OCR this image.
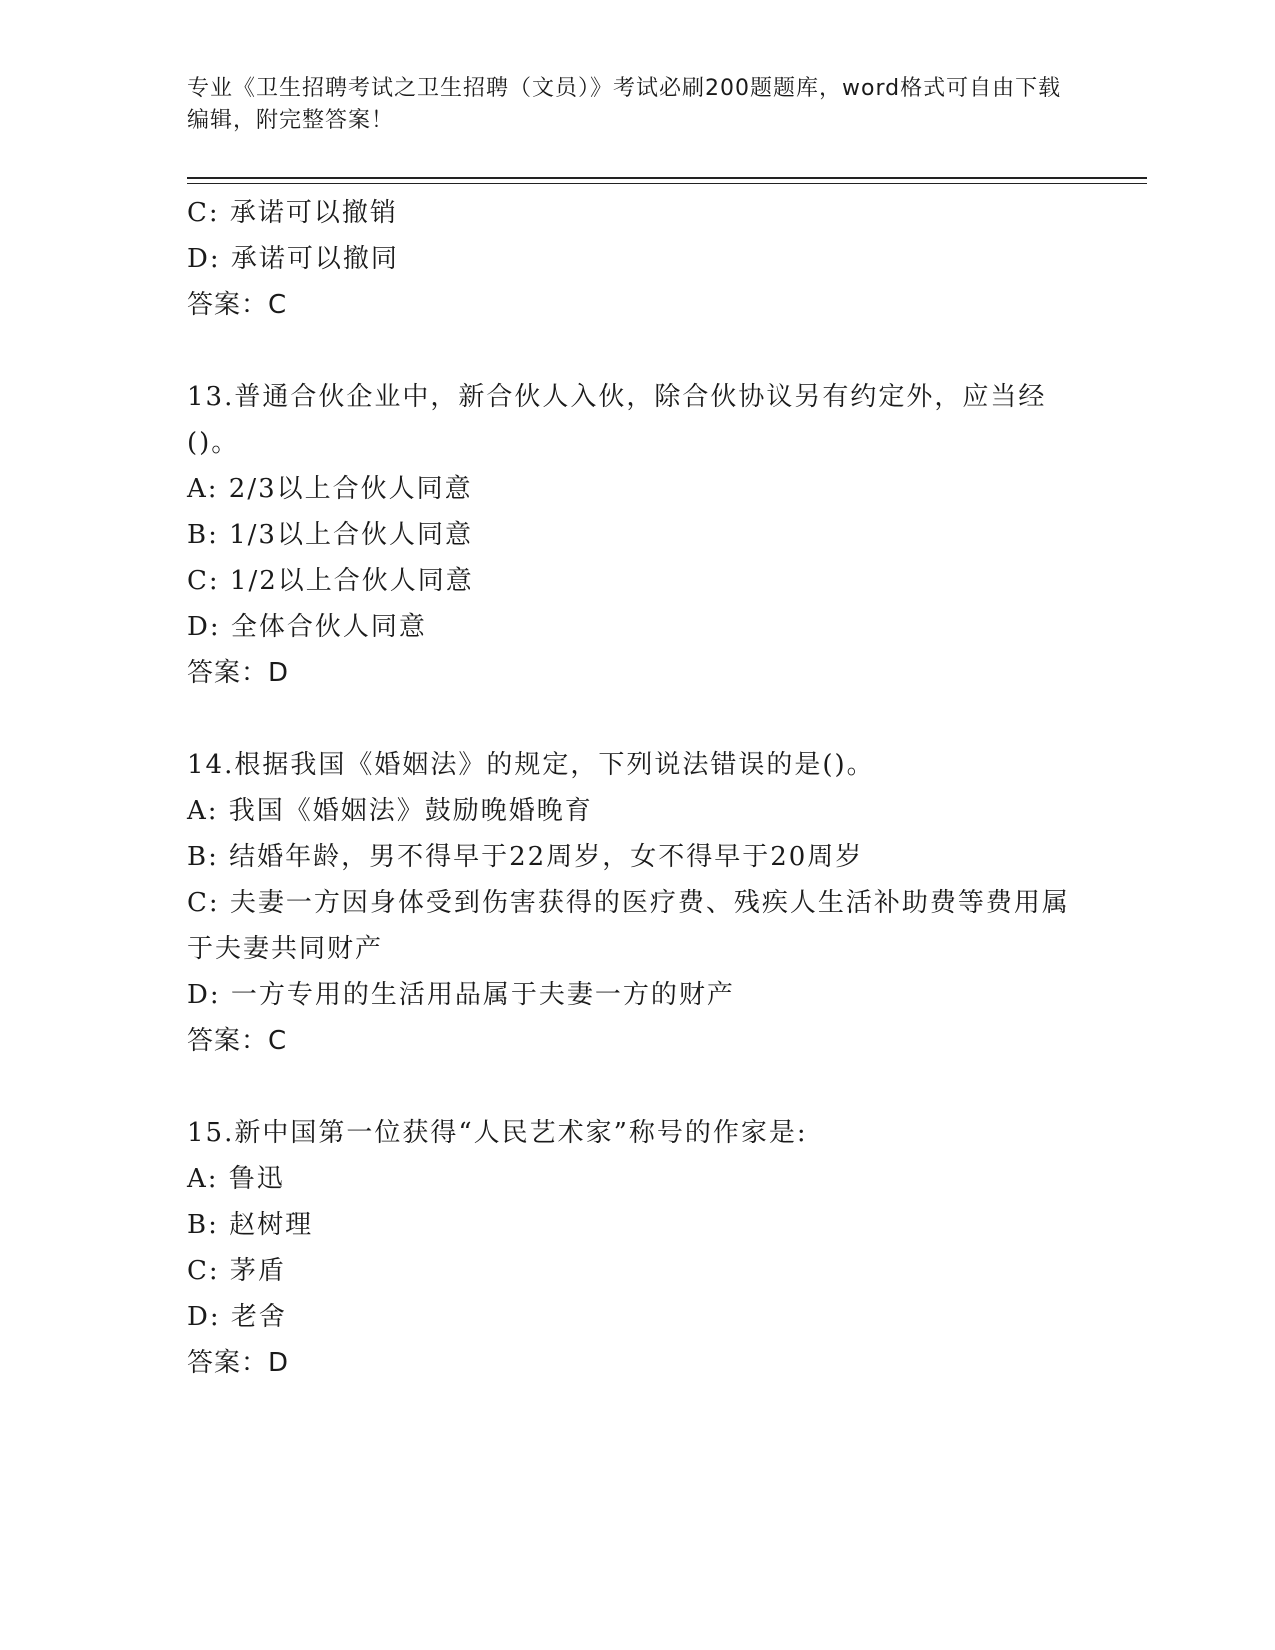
专业《卫生招聘考试之卫生招聘（文员）》考试必刷200题题库，word格式可自由下载编辑，附完整答案！
C: 承诺可以撤销
D: 承诺可以撤同
答案：C
13.普通合伙企业中，新合伙人入伙，除合伙协议另有约定外，应当经()。
A: 2/3以上合伙人同意
B: 1/3以上合伙人同意
C: 1/2以上合伙人同意
D: 全体合伙人同意
答案：D
14.根据我国《婚姻法》的规定，下列说法错误的是()。
A: 我国《婚姻法》鼓励晚婚晚育
B: 结婚年龄，男不得早于22周岁，女不得早于20周岁
C: 夫妻一方因身体受到伤害获得的医疗费、残疾人生活补助费等费用属于夫妻共同财产
D: 一方专用的生活用品属于夫妻一方的财产
答案：C
15.新中国第一位获得“人民艺术家”称号的作家是:
A: 鲁迅
B: 赵树理
C: 茅盾
D: 老舍
答案：D
